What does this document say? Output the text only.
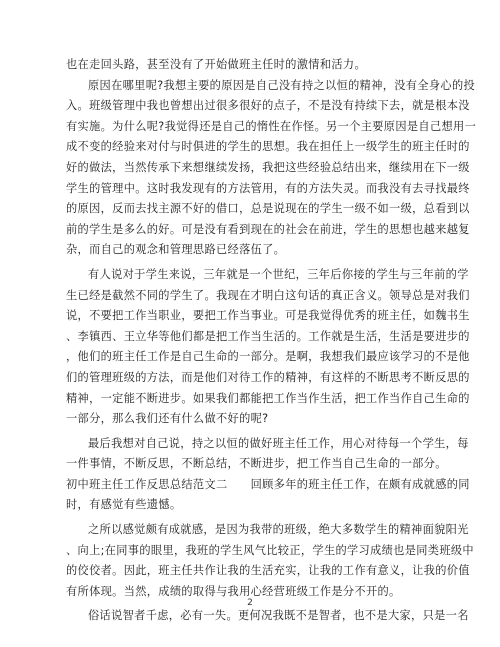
也在走回头路，甚至没有了开始做班主任时的激情和活力。
原因在哪里呢?我想主要的原因是自己没有持之以恒的精神，没有全身心的投
入。班级管理中我也曾想出过很多很好的点子，不是没有持续下去，就是根本没
有实施。为什么呢?我觉得还是自己的惰性在作怪。另一个主要原因是自己想用一
成不变的经验来对付与时俱进的学生的思想。我在担任上一级学生的班主任时的
好的做法，当然传承下来想继续发扬，我把这些经验总结出来，继续用在下一级
学生的管理中。这时我发现有的方法管用，有的方法失灵。而我没有去寻找最终
的原因，反而去找主源不好的借口，总是说现在的学生一级不如一级，总看到以
前的学生是多么的好。可是没有看到现在的社会在前进，学生的思想也越来越复
杂，而自己的观念和管理思路已经落伍了。
有人说对于学生来说，三年就是一个世纪，三年后你接的学生与三年前的学
生已经是截然不同的学生了。我现在才明白这句话的真正含义。领导总是对我们
说，不要把工作当职业，要把工作当事业。可是我觉得优秀的班主任，如魏书生
、李镇西、王立华等他们都是把工作当生活的。工作就是生活，生活是要进步的
，他们的班主任工作是自己生命的一部分。是啊，我想我们最应该学习的不是他
们的管理班级的方法，而是他们对待工作的精神，有这样的不断思考不断反思的
精神，一定能不断进步。如果我们都能把工作当作生活，把工作当作自己生命的
一部分，那么我们还有什么做不好的呢?
最后我想对自己说，持之以恒的做好班主任工作，用心对待每一个学生，每
一件事情，不断反思，不断总结，不断进步，把工作当自己生命的一部分。
初中班主任工作反思总结范文二　　回顾多年的班主任工作，在颇有成就感的同
时，有感觉有些遗憾。
之所以感觉颇有成就感，是因为我带的班级，绝大多数学生的精神面貌阳光
、向上;在同事的眼里，我班的学生风气比较正，学生的学习成绩也是同类班级中
的佼佼者。因此，班主任共作让我的生活充实，让我的工作有意义，让我的价值
有所体现。当然，成绩的取得与我用心经营班级工作是分不开的。
俗话说智者千虑，必有一失。更何况我既不是智者，也不是大家，只是一名
2
